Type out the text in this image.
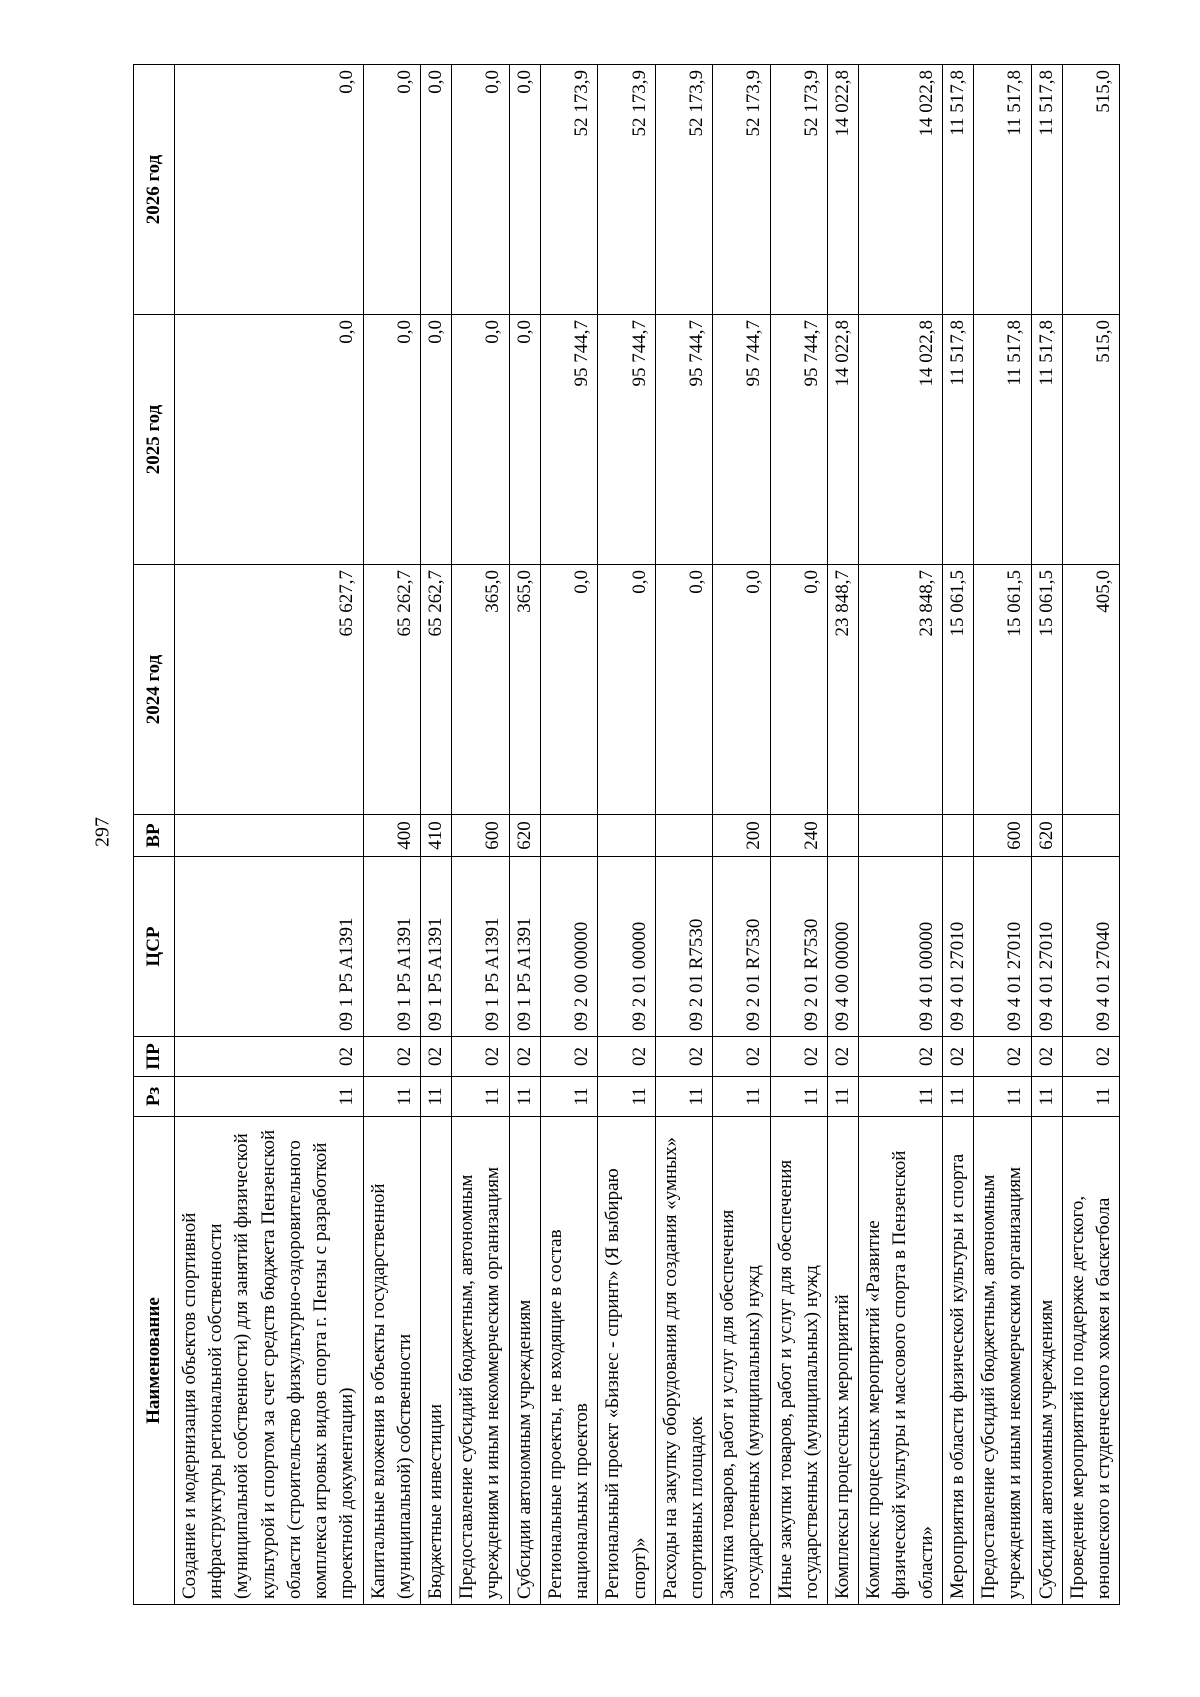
297
Наименование	Рз	ПР	ЦСР	ВР	2024 год	2025 год	2026 год
Создание и модернизация объектов спортивной инфраструктуры региональной собственности (муниципальной собственности) для занятий физической культурой и спортом за счет средств бюджета Пензенской области (строительство физкультурно-оздоровительного комплекса игровых видов спорта г. Пензы с разработкой проектной документации)	11	02	09 1 P5 A1391		65 627,7	0,0	0,0
Капитальные вложения в объекты государственной (муниципальной) собственности	11	02	09 1 P5 A1391	400	65 262,7	0,0	0,0
Бюджетные инвестиции	11	02	09 1 P5 A1391	410	65 262,7	0,0	0,0
Предоставление субсидий бюджетным, автономным учреждениям и иным некоммерческим организациям	11	02	09 1 P5 A1391	600	365,0	0,0	0,0
Субсидии автономным учреждениям	11	02	09 1 P5 A1391	620	365,0	0,0	0,0
Региональные проекты, не входящие в состав национальных проектов	11	02	09 2 00 00000		0,0	95 744,7	52 173,9
Региональный проект «Бизнес - спринт» (Я выбираю спорт)»	11	02	09 2 01 00000		0,0	95 744,7	52 173,9
Расходы на закупку оборудования для создания «умных» спортивных площадок	11	02	09 2 01 R7530		0,0	95 744,7	52 173,9
Закупка товаров, работ и услуг для обеспечения государственных (муниципальных) нужд	11	02	09 2 01 R7530	200	0,0	95 744,7	52 173,9
Иные закупки товаров, работ и услуг для обеспечения государственных (муниципальных) нужд	11	02	09 2 01 R7530	240	0,0	95 744,7	52 173,9
Комплексы процессных мероприятий	11	02	09 4 00 00000		23 848,7	14 022,8	14 022,8
Комплекс процессных мероприятий «Развитие физической культуры и массового спорта в Пензенской области»	11	02	09 4 01 00000		23 848,7	14 022,8	14 022,8
Мероприятия в области физической культуры и спорта	11	02	09 4 01 27010		15 061,5	11 517,8	11 517,8
Предоставление субсидий бюджетным, автономным учреждениям и иным некоммерческим организациям	11	02	09 4 01 27010	600	15 061,5	11 517,8	11 517,8
Субсидии автономным учреждениям	11	02	09 4 01 27010	620	15 061,5	11 517,8	11 517,8
Проведение мероприятий по поддержке детского, юношеского и студенческого хоккея и баскетбола	11	02	09 4 01 27040		405,0	515,0	515,0
